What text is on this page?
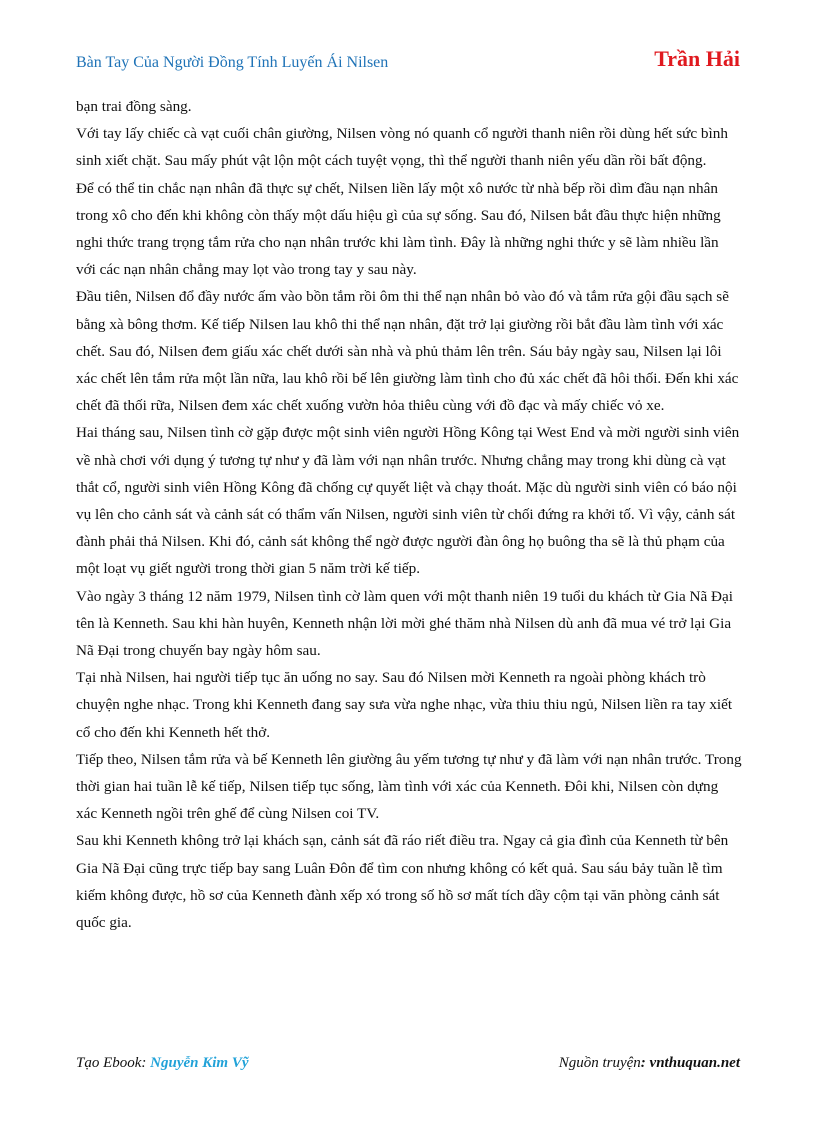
Bàn Tay Của Người Đồng Tính Luyến Ái Nilsen	Trần Hải

bạn trai đồng sàng.

Với tay lấy chiếc cà vạt cuối chân giường, Nilsen vòng nó quanh cổ người thanh niên rồi dùng hết sức bình sinh xiết chặt. Sau mấy phút vật lộn một cách tuyệt vọng, thì thể người thanh niên yếu dần rồi bất động.

Để có thể tin chắc nạn nhân đã thực sự chết, Nilsen liền lấy một xô nước từ nhà bếp rồi dìm đầu nạn nhân trong xô cho đến khi không còn thấy một dấu hiệu gì của sự sống. Sau đó, Nilsen bắt đầu thực hiện những nghi thức trang trọng tắm rửa cho nạn nhân trước khi làm tình. Đây là những nghi thức y sẽ làm nhiều lần với các nạn nhân chẳng may lọt vào trong tay y sau này.

Đầu tiên, Nilsen đổ đầy nước ấm vào bồn tắm rồi ôm thi thể nạn nhân bỏ vào đó và tắm rửa gội đầu sạch sẽ bằng xà bông thơm. Kế tiếp Nilsen lau khô thi thể nạn nhân, đặt trở lại giường rồi bắt đầu làm tình với xác chết. Sau đó, Nilsen đem giấu xác chết dưới sàn nhà và phủ thảm lên trên. Sáu bảy ngày sau, Nilsen lại lôi xác chết lên tắm rửa một lần nữa, lau khô rồi bế lên giường làm tình cho đủ xác chết đã hôi thối. Đến khi xác chết đã thối rữa, Nilsen đem xác chết xuống vườn hỏa thiêu cùng với đồ đạc và mấy chiếc vỏ xe.

Hai tháng sau, Nilsen tình cờ gặp được một sinh viên người Hồng Kông tại West End và mời người sinh viên về nhà chơi với dụng ý tương tự như y đã làm với nạn nhân trước. Nhưng chẳng may trong khi dùng cà vạt thắt cổ, người sinh viên Hồng Kông đã chống cự quyết liệt và chạy thoát. Mặc dù người sinh viên có báo nội vụ lên cho cảnh sát và cảnh sát có thẩm vấn Nilsen, người sinh viên từ chối đứng ra khởi tố. Vì vậy, cảnh sát đành phải thả Nilsen. Khi đó, cảnh sát không thể ngờ được người đàn ông họ buông tha sẽ là thủ phạm của một loạt vụ giết người trong thời gian 5 năm trời kế tiếp.

Vào ngày 3 tháng 12 năm 1979, Nilsen tình cờ làm quen với một thanh niên 19 tuổi du khách từ Gia Nã Đại tên là Kenneth. Sau khi hàn huyên, Kenneth nhận lời mời ghé thăm nhà Nilsen dù anh đã mua vé trở lại Gia Nã Đại trong chuyến bay ngày hôm sau.

Tại nhà Nilsen, hai người tiếp tục ăn uống no say. Sau đó Nilsen mời Kenneth ra ngoài phòng khách trò chuyện nghe nhạc. Trong khi Kenneth đang say sưa vừa nghe nhạc, vừa thiu thiu ngủ, Nilsen liền ra tay xiết cổ cho đến khi Kenneth hết thở.

Tiếp theo, Nilsen tắm rửa và bế Kenneth lên giường âu yếm tương tự như y đã làm với nạn nhân trước. Trong thời gian hai tuần lễ kế tiếp, Nilsen tiếp tục sống, làm tình với xác của Kenneth. Đôi khi, Nilsen còn dựng xác Kenneth ngồi trên ghế để cùng Nilsen coi TV.

Sau khi Kenneth không trở lại khách sạn, cảnh sát đã ráo riết điều tra. Ngay cả gia đình của Kenneth từ bên Gia Nã Đại cũng trực tiếp bay sang Luân Đôn để tìm con nhưng không có kết quả. Sau sáu bảy tuần lễ tìm kiếm không được, hồ sơ của Kenneth đành xếp xó trong số hồ sơ mất tích dầy cộm tại văn phòng cảnh sát quốc gia.

Tạo Ebook: Nguyễn Kim Vỹ	Nguồn truyện: vnthuquan.net
